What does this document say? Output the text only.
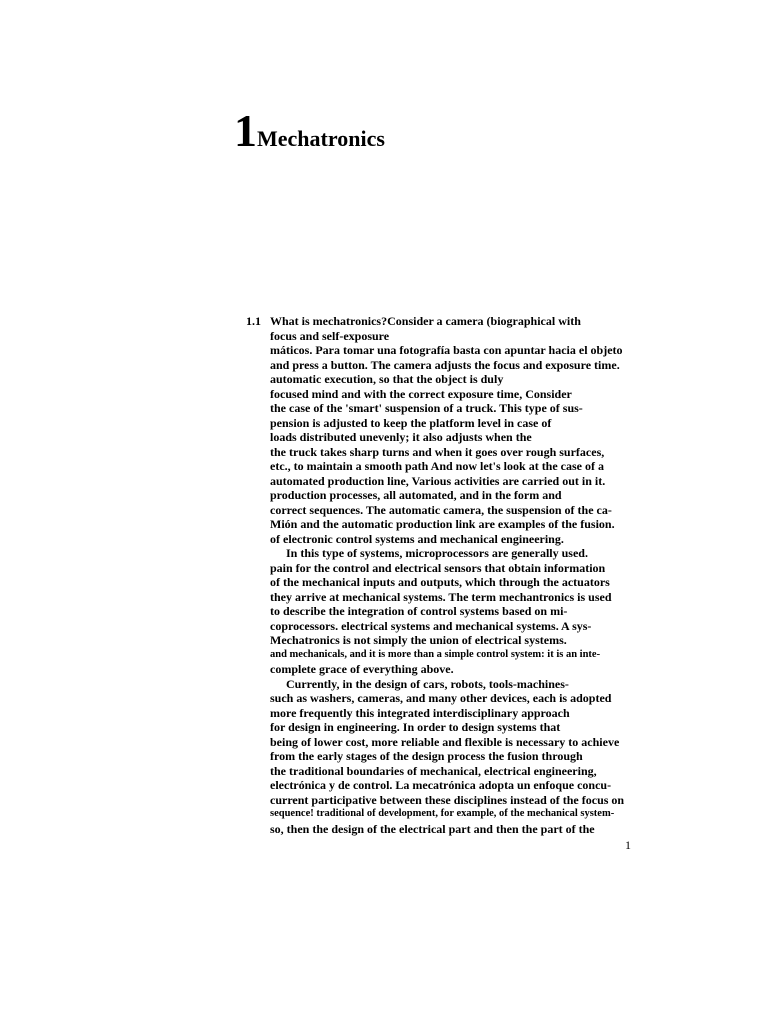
1Mechatronics
1.1 What is mechatronics?Consider a camera (biographical with
focus and self-exposure
máticos. Para tomar una fotografía basta con apuntar hacia el objeto
and press a button. The camera adjusts the focus and exposure time.
automatic execution, so that the object is duly
focused mind and with the correct exposure time, Consider
the case of the 'smart' suspension of a truck. This type of sus-
pension is adjusted to keep the platform level in case of
loads distributed unevenly; it also adjusts when the
the truck takes sharp turns and when it goes over rough surfaces,
etc., to maintain a smooth path And now let's look at the case of a
automated production line, Various activities are carried out in it.
production processes, all automated, and in the form and
correct sequences. The automatic camera, the suspension of the ca-
Mión and the automatic production link are examples of the fusion.
of electronic control systems and mechanical engineering.
In this type of systems, microprocessors are generally used.
pain for the control and electrical sensors that obtain information
of the mechanical inputs and outputs, which through the actuators
they arrive at mechanical systems. The term mechantronics is used
to describe the integration of control systems based on mi-
coprocessors. electrical systems and mechanical systems. A sys-
Mechatronics is not simply the union of electrical systems.
and mechanicals, and it is more than a simple control system: it is an inte-
complete grace of everything above.
Currently, in the design of cars, robots, tools-machines-
such as washers, cameras, and many other devices, each is adopted
more frequently this integrated interdisciplinary approach
for design in engineering. In order to design systems that
being of lower cost, more reliable and flexible is necessary to achieve
from the early stages of the design process the fusion through
the traditional boundaries of mechanical, electrical engineering,
electrónica y de control. La mecatrónica adopta un enfoque concu-
current participative between these disciplines instead of the focus on
sequence! traditional of development, for example, of the mechanical system-
so, then the design of the electrical part and then the part of the
1
